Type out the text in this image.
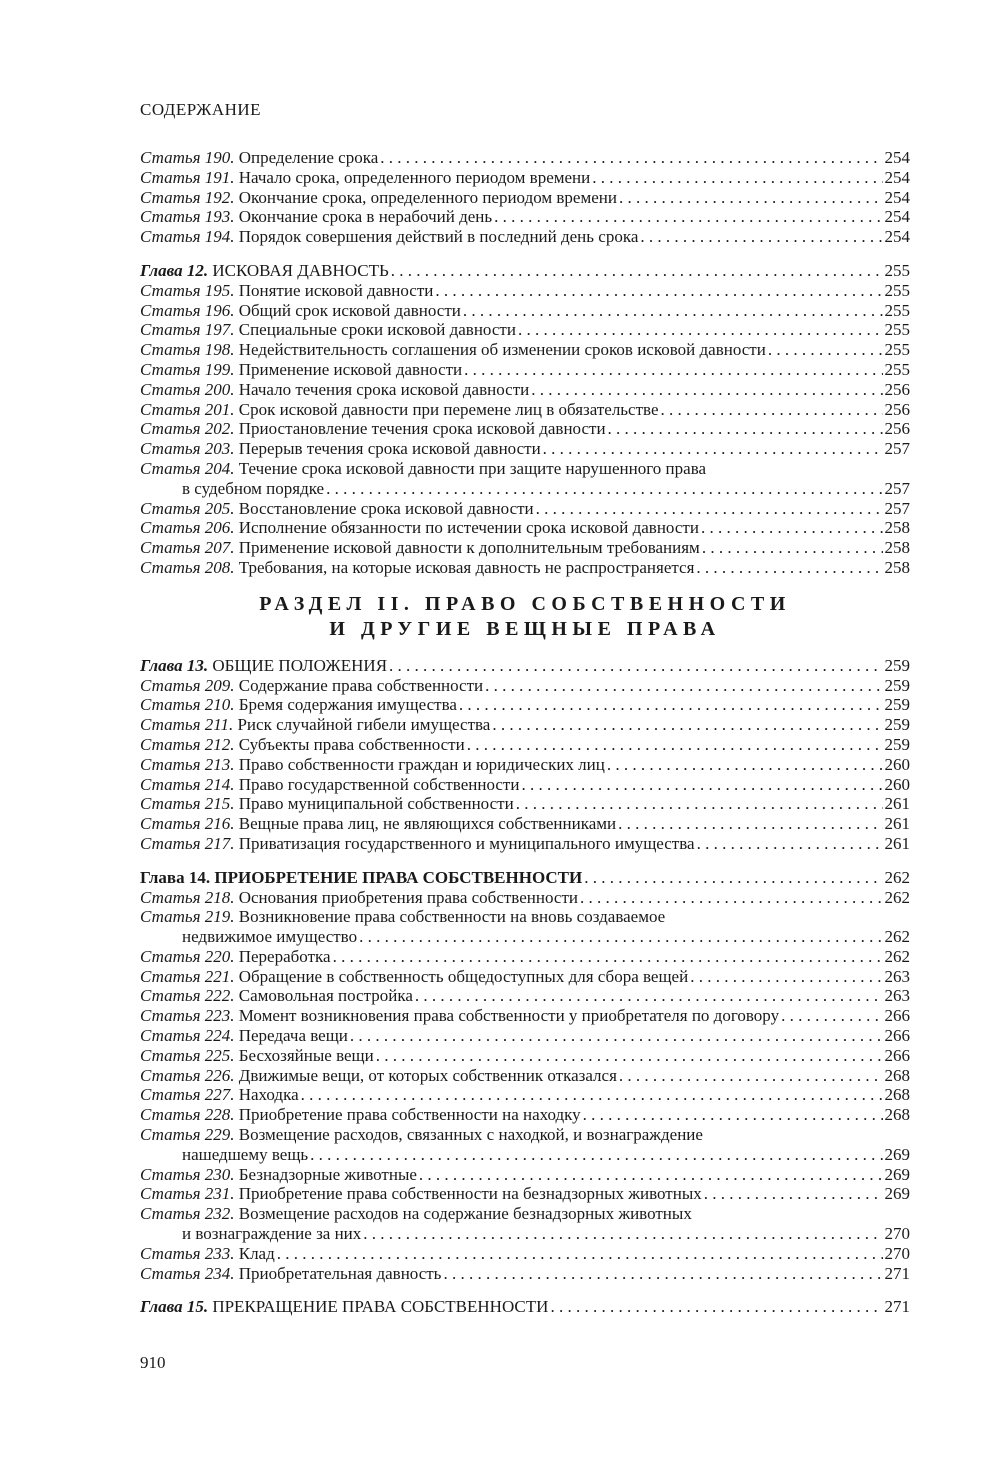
СОДЕРЖАНИЕ
Статья 190. Определение срока . . .	254
Статья 191. Начало срока, определенного периодом времени . . .	254
Статья 192. Окончание срока, определенного периодом времени . . .	254
Статья 193. Окончание срока в нерабочий день . . .	254
Статья 194. Порядок совершения действий в последний день срока . . .	254
Глава 12. ИСКОВАЯ ДАВНОСТЬ . . .	255
Статья 195. Понятие исковой давности . . .	255
Статья 196. Общий срок исковой давности . . .	255
Статья 197. Специальные сроки исковой давности . . .	255
Статья 198. Недействительность соглашения об изменении сроков исковой давности . . .	255
Статья 199. Применение исковой давности . . .	255
Статья 200. Начало течения срока исковой давности . . .	256
Статья 201. Срок исковой давности при перемене лиц в обязательстве . . .	256
Статья 202. Приостановление течения срока исковой давности . . .	256
Статья 203. Перерыв течения срока исковой давности . . .	257
Статья 204. Течение срока исковой давности при защите нарушенного права
в судебном порядке . . .	257
Статья 205. Восстановление срока исковой давности . . .	257
Статья 206. Исполнение обязанности по истечении срока исковой давности . . .	258
Статья 207. Применение исковой давности к дополнительным требованиям . . .	258
Статья 208. Требования, на которые исковая давность не распространяется . . .	258
РАЗДЕЛ II. ПРАВО СОБСТВЕННОСТИ
И ДРУГИЕ ВЕЩНЫЕ ПРАВА
Глава 13. ОБЩИЕ ПОЛОЖЕНИЯ . . .	259
Статья 209. Содержание права собственности . . .	259
Статья 210. Бремя содержания имущества . . .	259
Статья 211. Риск случайной гибели имущества . . .	259
Статья 212. Субъекты права собственности . . .	259
Статья 213. Право собственности граждан и юридических лиц . . .	260
Статья 214. Право государственной собственности . . .	260
Статья 215. Право муниципальной собственности . . .	261
Статья 216. Вещные права лиц, не являющихся собственниками . . .	261
Статья 217. Приватизация государственного и муниципального имущества . . .	261
Глава 14. ПРИОБРЕТЕНИЕ ПРАВА СОБСТВЕННОСТИ . . .	262
Статья 218. Основания приобретения права собственности . . .	262
Статья 219. Возникновение права собственности на вновь создаваемое
недвижимое имущество . . .	262
Статья 220. Переработка . . .	262
Статья 221. Обращение в собственность общедоступных для сбора вещей . . .	263
Статья 222. Самовольная постройка . . .	263
Статья 223. Момент возникновения права собственности у приобретателя по договору . . .	266
Статья 224. Передача вещи . . .	266
Статья 225. Бесхозяйные вещи . . .	266
Статья 226. Движимые вещи, от которых собственник отказался . . .	268
Статья 227. Находка . . .	268
Статья 228. Приобретение права собственности на находку . . .	268
Статья 229. Возмещение расходов, связанных с находкой, и вознаграждение
нашедшему вещь . . .	269
Статья 230. Безнадзорные животные . . .	269
Статья 231. Приобретение права собственности на безнадзорных животных . . .	269
Статья 232. Возмещение расходов на содержание безнадзорных животных
и вознаграждение за них . . .	270
Статья 233. Клад . . .	270
Статья 234. Приобретательная давность . . .	271
Глава 15. ПРЕКРАЩЕНИЕ ПРАВА СОБСТВЕННОСТИ . . .	271
910
